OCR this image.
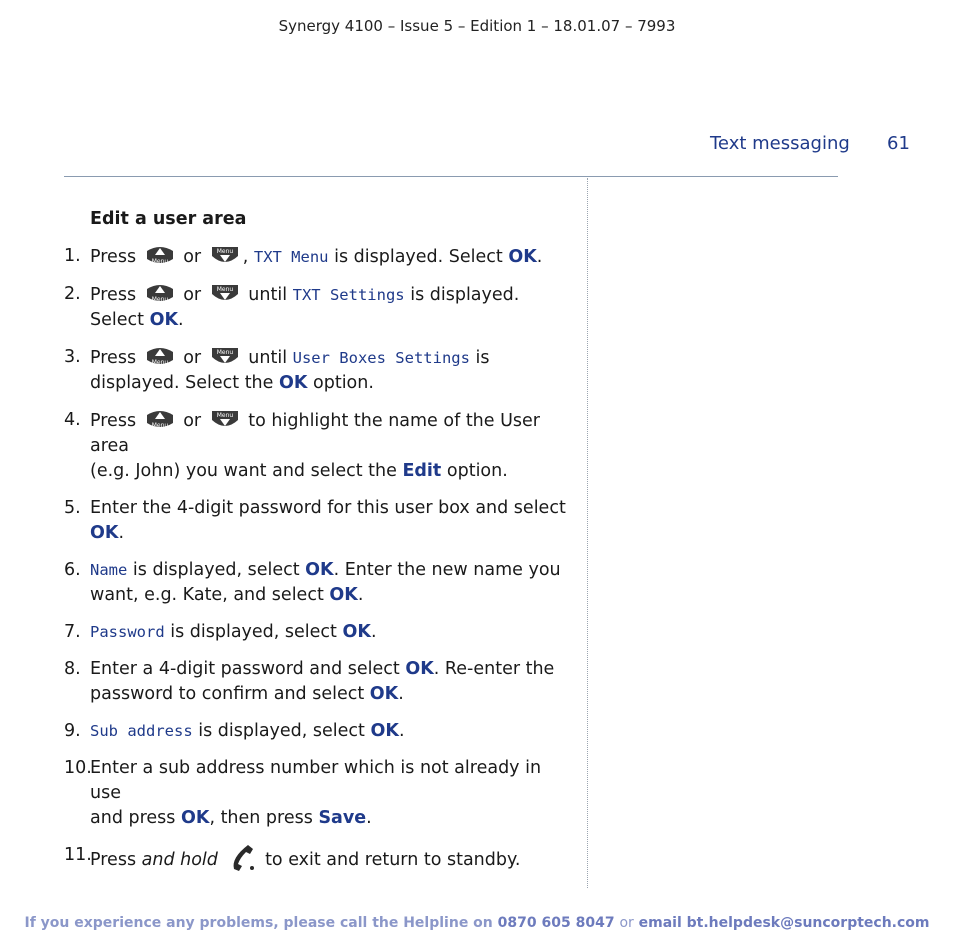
Synergy 4100 – Issue 5 – Edition 1 – 18.01.07 – 7993
Text messaging 61
Edit a user area
1. Press	Menu or	Menu , TXT Menu is displayed. Select OK.
2. Press	Menu or	Menu until TXT Settings is displayed.
Select OK.
3. Press	Menu or	Menu until User Boxes Settings is
displayed. Select the OK option.
4. Press	Menu or	Menu to highlight the name of the User area
(e.g. John) you want and select the Edit option.
5. Enter the 4-digit password for this user box and select OK.
6. Name is displayed, select OK. Enter the new name you
want, e.g. Kate, and select OK.
7. Password is displayed, select OK.
8. Enter a 4-digit password and select OK. Re-enter the
password to confirm and select OK.
9. Sub address is displayed, select OK.
10.
Enter a sub address number which is not already in use
and press OK, then press Save.
11.
Press and hold	to exit and return to standby.
If you experience any problems, please call the Helpline on 0870 605 8047 or email bt.helpdesk@suncorptech.com
